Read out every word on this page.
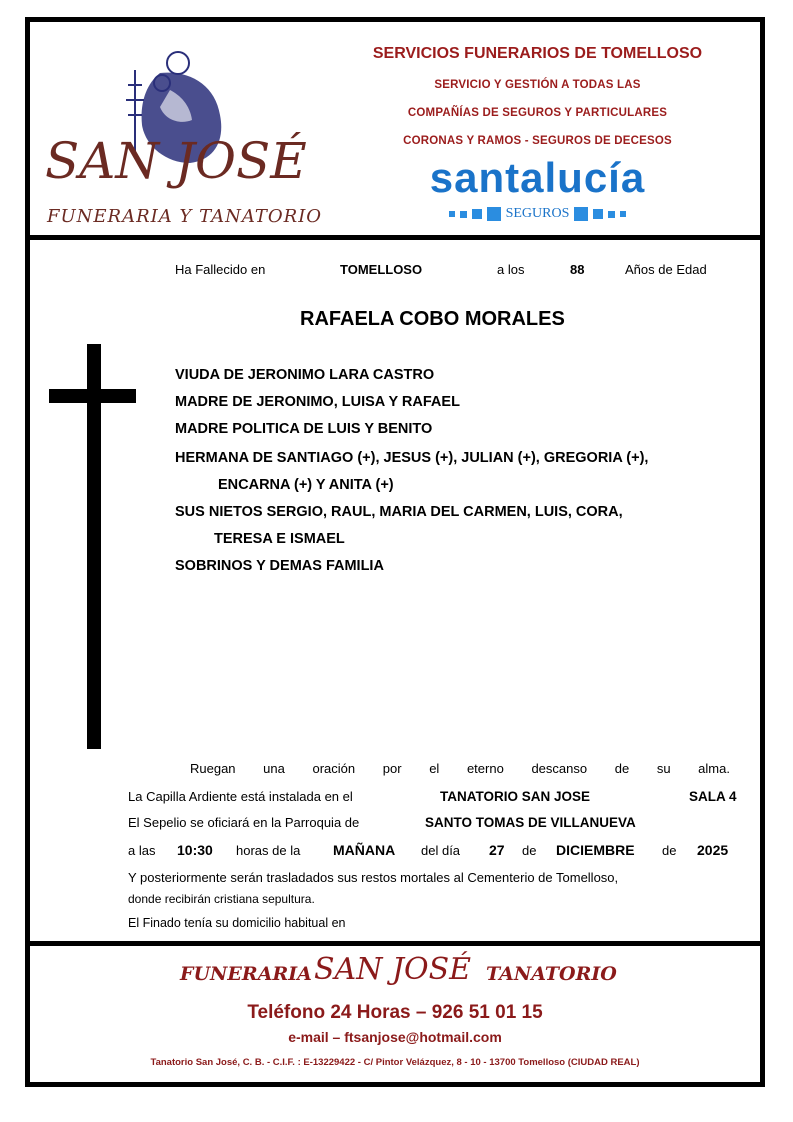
SAN JOSÉ
FUNERARIA Y TANATORIO
SERVICIOS FUNERARIOS DE TOMELLOSO
SERVICIO Y GESTIÓN A TODAS LAS
COMPAÑÍAS DE SEGUROS Y PARTICULARES
CORONAS Y RAMOS - SEGUROS DE DECESOS
santalucía
SEGUROS
Ha Fallecido en	TOMELLOSO	a los	88	Años de Edad
RAFAELA COBO MORALES
VIUDA DE JERONIMO LARA CASTRO
MADRE DE JERONIMO, LUISA Y RAFAEL
MADRE POLITICA DE LUIS Y BENITO
HERMANA DE SANTIAGO (+), JESUS (+), JULIAN (+), GREGORIA (+),
ENCARNA (+) Y ANITA (+)
SUS NIETOS SERGIO, RAUL, MARIA DEL CARMEN, LUIS, CORA,
TERESA E ISMAEL
SOBRINOS Y DEMAS FAMILIA
Ruegan una oración por el eterno descanso de su alma.
La Capilla Ardiente está instalada en el	TANATORIO SAN JOSE	SALA 4
El Sepelio se oficiará en la Parroquia de	SANTO TOMAS DE VILLANUEVA
a las 10:30 horas de la MAÑANA del día 27 de DICIEMBRE de 2025
Y posteriormente serán trasladados sus restos mortales al Cementerio de Tomelloso,
donde recibirán cristiana sepultura.
El Finado tenía su domicilio habitual en
FUNERARIA SAN JOSÉ TANATORIO
Teléfono 24 Horas – 926 51 01 15
e-mail – ftsanjose@hotmail.com
Tanatorio San José, C. B. - C.I.F. : E-13229422 - C/ Pintor Velázquez, 8 - 10 - 13700 Tomelloso (CIUDAD REAL)
